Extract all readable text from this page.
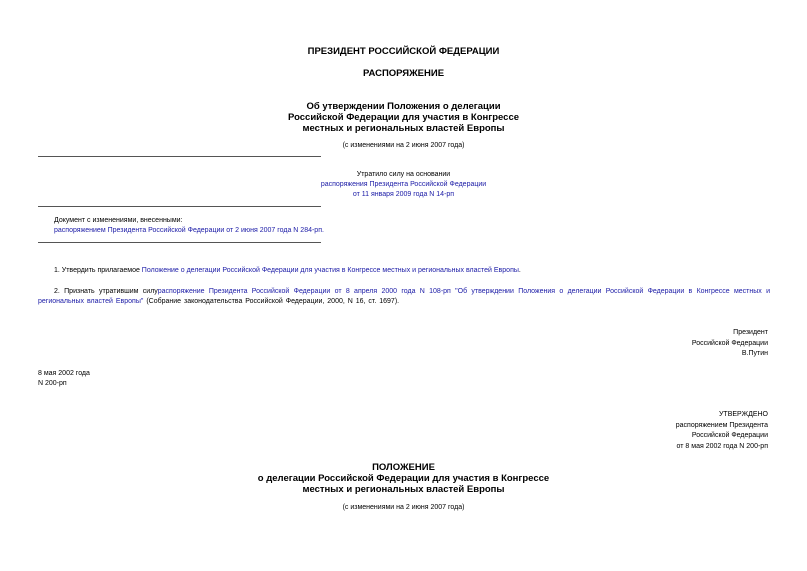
ПРЕЗИДЕНТ РОССИЙСКОЙ ФЕДЕРАЦИИ
РАСПОРЯЖЕНИЕ
Об утверждении Положения о делегации
Российской Федерации для участия в Конгрессе
местных и региональных властей Европы
(с изменениями на 2 июня 2007 года)
Утратило силу на основании
распоряжения Президента Российской Федерации
от 11 января 2009 года N 14-рп
Документ с изменениями, внесенными:
распоряжением Президента Российской Федерации от 2 июня 2007 года N 284-рп.

1. Утвердить прилагаемое Положение о делегации Российской Федерации для участия в Конгрессе местных и региональных властей Европы.

2. Признать утратившим силураспоряжение Президента Российской Федерации от 8 апреля 2000 года N 108-рп "Об утверждении Положения о делегации Российской Федерации в Конгрессе местных и региональных властей Европы" (Собрание законодательства Российской Федерации, 2000, N 16, ст. 1697).

Президент
Российской Федерации
В.Путин
8 мая 2002 года
N 200-рп
УТВЕРЖДЕНО
распоряжением Президента
Российской Федерации
от 8 мая 2002 года N 200-рп
ПОЛОЖЕНИЕ
о делегации Российской Федерации для участия в Конгрессе
местных и региональных властей Европы
(с изменениями на 2 июня 2007 года)
